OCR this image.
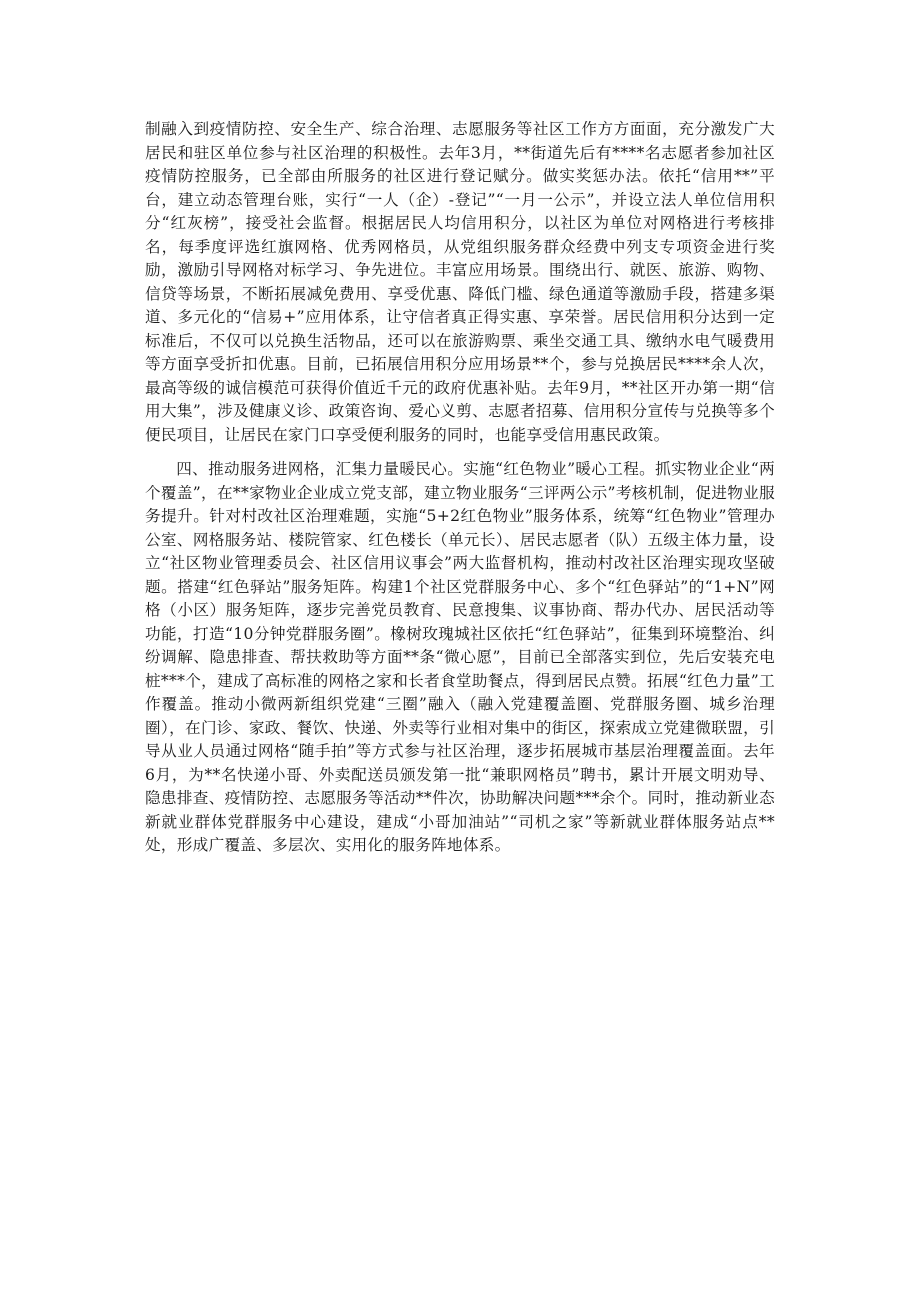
制融入到疫情防控、安全生产、综合治理、志愿服务等社区工作方方面面，充分激发广大居民和驻区单位参与社区治理的积极性。去年3月，**街道先后有****名志愿者参加社区疫情防控服务，已全部由所服务的社区进行登记赋分。做实奖惩办法。依托“信用**”平台，建立动态管理台账，实行“一人（企）-登记”“一月一公示”，并设立法人单位信用积分“红灰榜”，接受社会监督。根据居民人均信用积分，以社区为单位对网格进行考核排名，每季度评选红旗网格、优秀网格员，从党组织服务群众经费中列支专项资金进行奖励，激励引导网格对标学习、争先进位。丰富应用场景。围绕出行、就医、旅游、购物、信贷等场景，不断拓展减免费用、享受优惠、降低门槛、绿色通道等激励手段，搭建多渠道、多元化的“信易+”应用体系，让守信者真正得实惠、享荣誉。居民信用积分达到一定标准后，不仅可以兑换生活物品，还可以在旅游购票、乘坐交通工具、缴纳水电气暖费用等方面享受折扣优惠。目前，已拓展信用积分应用场景**个，参与兑换居民****余人次，最高等级的诚信模范可获得价值近千元的政府优惠补贴。去年9月，**社区开办第一期“信用大集”，涉及健康义诊、政策咨询、爱心义剪、志愿者招募、信用积分宣传与兑换等多个便民项目，让居民在家门口享受便利服务的同时，也能享受信用惠民政策。

四、推动服务进网格，汇集力量暖民心。实施“红色物业”暖心工程。抓实物业企业“两个覆盖”，在**家物业企业成立党支部，建立物业服务“三评两公示”考核机制，促进物业服务提升。针对村改社区治理难题，实施“5+2红色物业”服务体系，统筹“红色物业”管理办公室、网格服务站、楼院管家、红色楼长（单元长）、居民志愿者（队）五级主体力量，设立“社区物业管理委员会、社区信用议事会”两大监督机构，推动村改社区治理实现攻坚破题。搭建“红色驿站”服务矩阵。构建1个社区党群服务中心、多个“红色驿站”的“1+N”网格（小区）服务矩阵，逐步完善党员教育、民意搜集、议事协商、帮办代办、居民活动等功能，打造“10分钟党群服务圈”。橡树玫瑰城社区依托“红色驿站”，征集到环境整治、纠纷调解、隐患排查、帮扶救助等方面**条“微心愿”，目前已全部落实到位，先后安装充电桩***个，建成了高标准的网格之家和长者食堂助餐点，得到居民点赞。拓展“红色力量”工作覆盖。推动小微两新组织党建“三圈”融入（融入党建覆盖圈、党群服务圈、城乡治理圈），在门诊、家政、餐饮、快递、外卖等行业相对集中的街区，探索成立党建微联盟，引导从业人员通过网格“随手拍”等方式参与社区治理，逐步拓展城市基层治理覆盖面。去年6月，为**名快递小哥、外卖配送员颁发第一批“兼职网格员”聘书，累计开展文明劝导、隐患排查、疫情防控、志愿服务等活动**件次，协助解决问题***余个。同时，推动新业态新就业群体党群服务中心建设，建成“小哥加油站”“司机之家”等新就业群体服务站点**处，形成广覆盖、多层次、实用化的服务阵地体系。
